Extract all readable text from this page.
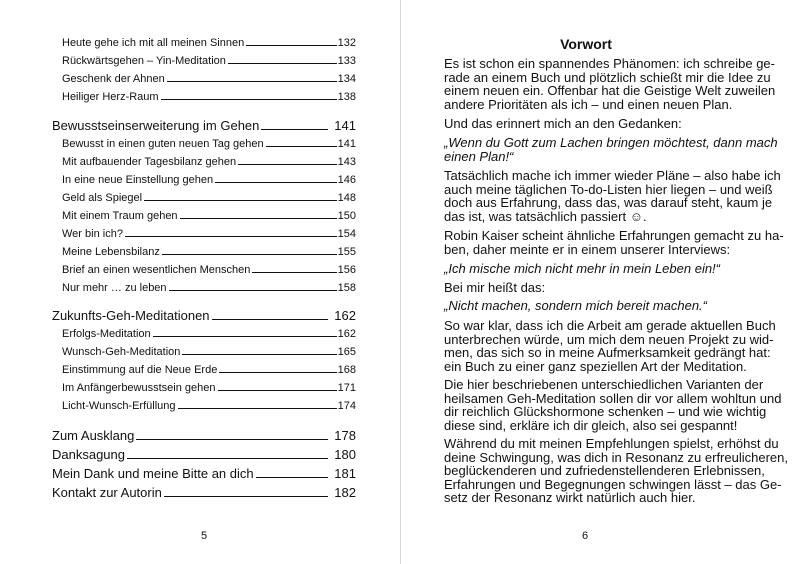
Heute gehe ich mit all meinen Sinnen	132
Rückwärtsgehen – Yin-Meditation	133
Geschenk der Ahnen	134
Heiliger Herz-Raum	138
Bewusstseinserweiterung im Gehen	141
Bewusst in einen guten neuen Tag gehen	141
Mit aufbauender Tagesbilanz gehen	143
In eine neue Einstellung gehen	146
Geld als Spiegel	148
Mit einem Traum gehen	150
Wer bin ich?	154
Meine Lebensbilanz	155
Brief an einen wesentlichen Menschen	156
Nur mehr … zu leben	158
Zukunfts-Geh-Meditationen	162
Erfolgs-Meditation	162
Wunsch-Geh-Meditation	165
Einstimmung auf die Neue Erde	168
Im Anfängerbewusstsein gehen	171
Licht-Wunsch-Erfüllung	174
Zum Ausklang	178
Danksagung	180
Mein Dank und meine Bitte an dich	181
Kontakt zur Autorin	182
Vorwort
Es ist schon ein spannendes Phänomen: ich schreibe ge-
rade an einem Buch und plötzlich schießt mir die Idee zu
einem neuen ein. Offenbar hat die Geistige Welt zuweilen
andere Prioritäten als ich – und einen neuen Plan.
Und das erinnert mich an den Gedanken:
„Wenn du Gott zum Lachen bringen möchtest, dann mach
einen Plan!“
Tatsächlich mache ich immer wieder Pläne – also habe ich
auch meine täglichen To-do-Listen hier liegen – und weiß
doch aus Erfahrung, dass das, was darauf steht, kaum je
das ist, was tatsächlich passiert ☺.
Robin Kaiser scheint ähnliche Erfahrungen gemacht zu ha-
ben, daher meinte er in einem unserer Interviews:
„Ich mische mich nicht mehr in mein Leben ein!“
Bei mir heißt das:
„Nicht machen, sondern mich bereit machen.“
So war klar, dass ich die Arbeit am gerade aktuellen Buch
unterbrechen würde, um mich dem neuen Projekt zu wid-
men, das sich so in meine Aufmerksamkeit gedrängt hat:
ein Buch zu einer ganz speziellen Art der Meditation.
Die hier beschriebenen unterschiedlichen Varianten der
heilsamen Geh-Meditation sollen dir vor allem wohltun und
dir reichlich Glückshormone schenken – und wie wichtig
diese sind, erkläre ich dir gleich, also sei gespannt!
Während du mit meinen Empfehlungen spielst, erhöhst du
deine Schwingung, was dich in Resonanz zu erfreulicheren,
beglückenderen und zufriedenstellenderen Erlebnissen,
Erfahrungen und Begegnungen schwingen lässt – das Ge-
setz der Resonanz wirkt natürlich auch hier.
5	6
